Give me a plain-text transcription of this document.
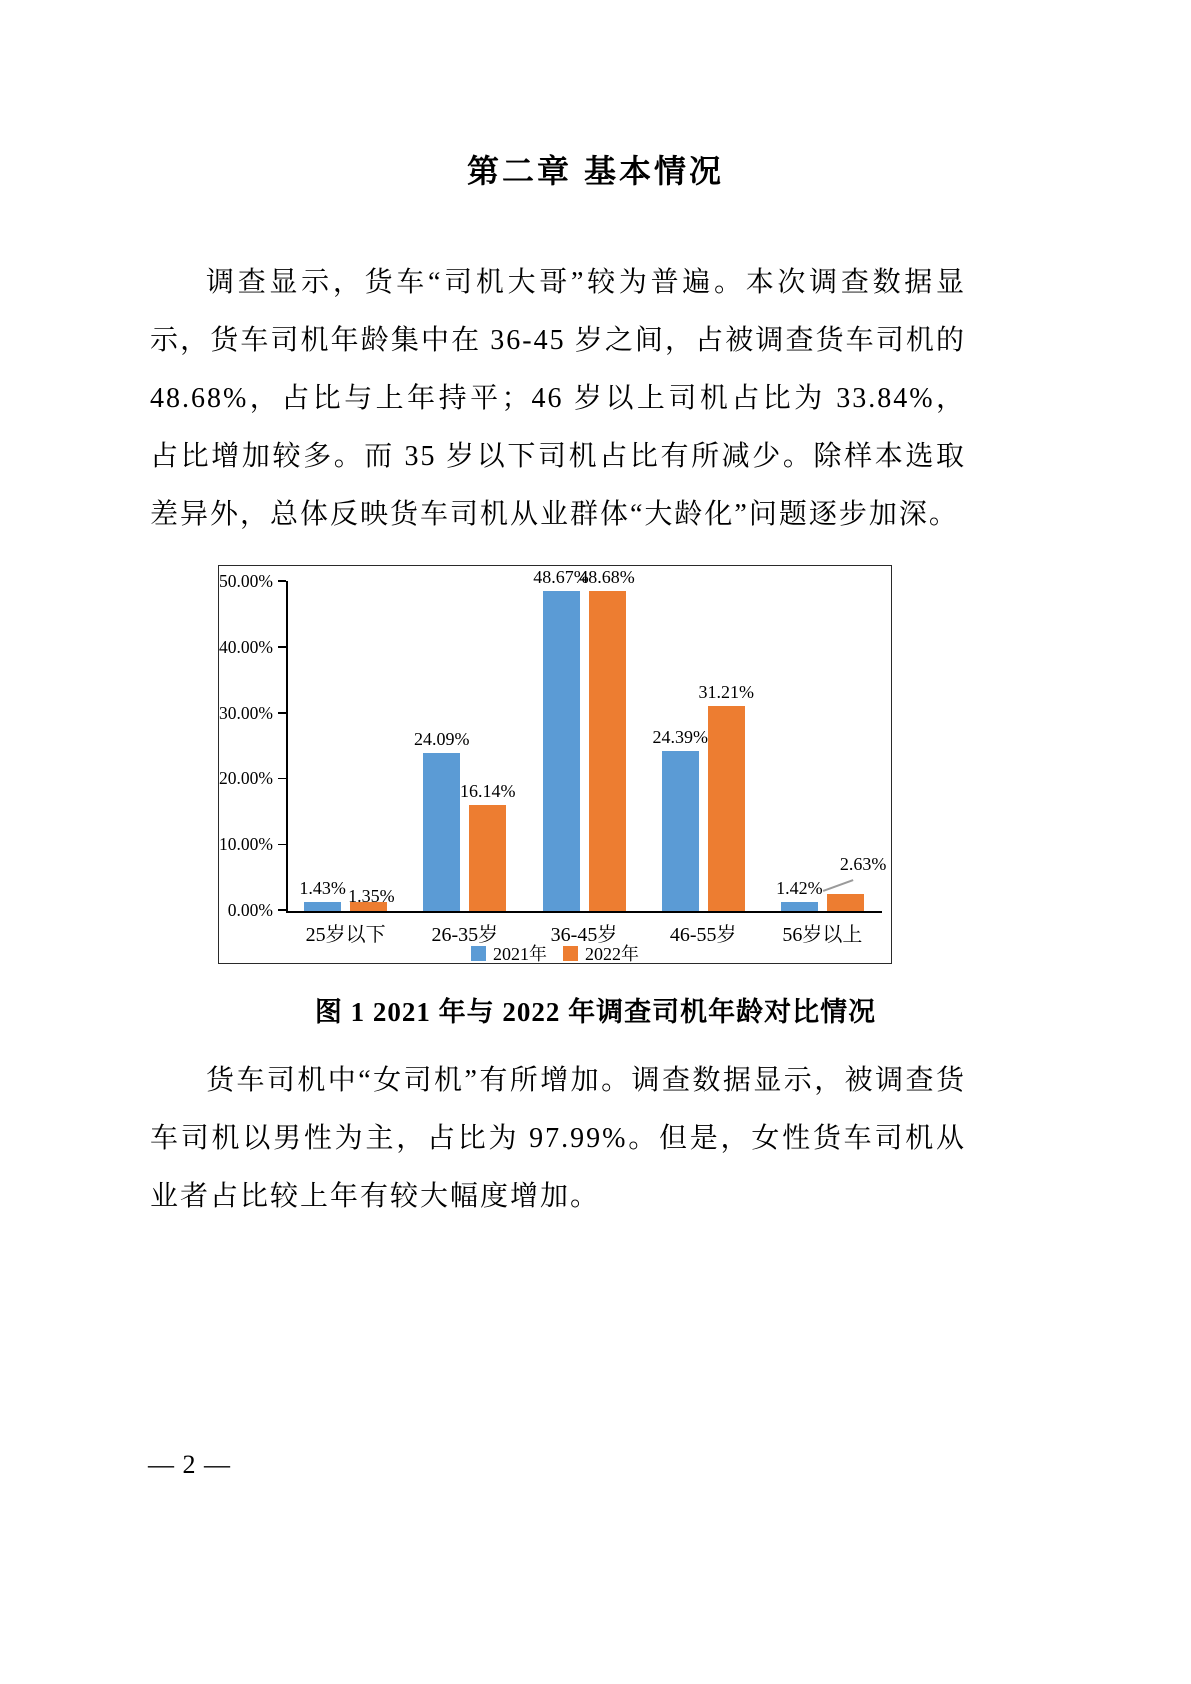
第二章 基本情况
调查显示，货车“司机大哥”较为普遍。本次调查数据显示，货车司机年龄集中在 36-45 岁之间，占被调查货车司机的 48.68%，占比与上年持平；46 岁以上司机占比为 33.84%，占比增加较多。而 35 岁以下司机占比有所减少。除样本选取差异外，总体反映货车司机从业群体“大龄化”问题逐步加深。
1.43% 1.35%
24.09%
16.14%
48.67%
48.68%
24.39%
31.21%
1.42%
2.63%
0.00%
10.00%
20.00%
30.00%
40.00%
50.00%
25岁以下	26-35岁	36-45岁	46-55岁	56岁以上
2021年 2022年
图 1 2021 年与 2022 年调查司机年龄对比情况
货车司机中“女司机”有所增加。调查数据显示，被调查货车司机以男性为主，占比为 97.99%。但是，女性货车司机从业者占比较上年有较大幅度增加。
— 2 —
